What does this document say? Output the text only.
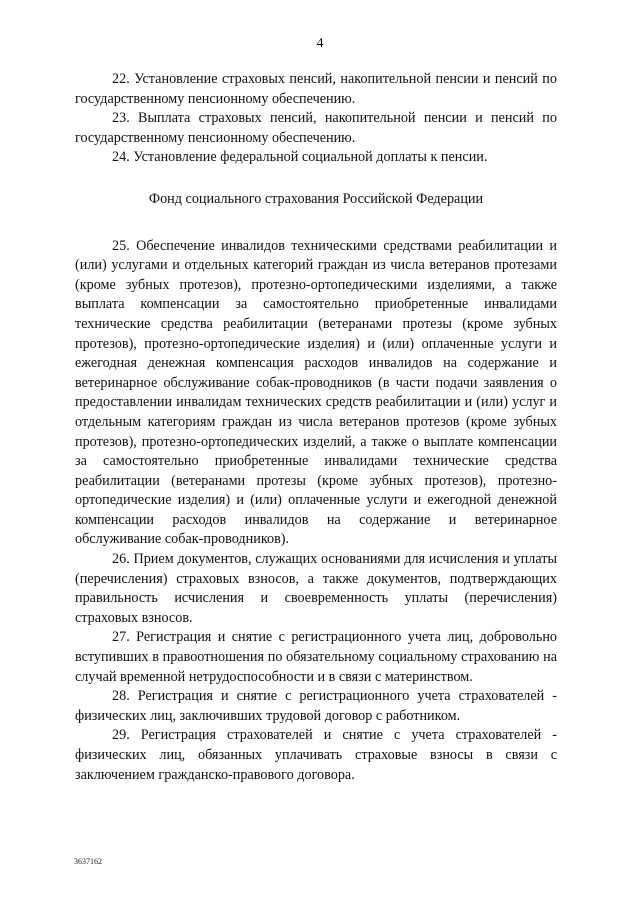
4

22. Установление страховых пенсий, накопительной пенсии и пенсий по государственному пенсионному обеспечению.

23. Выплата страховых пенсий, накопительной пенсии и пенсий по государственному пенсионному обеспечению.

24. Установление федеральной социальной доплаты к пенсии.

Фонд социального страхования Российской Федерации

25. Обеспечение инвалидов техническими средствами реабилитации и (или) услугами и отдельных категорий граждан из числа ветеранов протезами (кроме зубных протезов), протезно-ортопедическими изделиями, а также выплата компенсации за самостоятельно приобретенные инвалидами технические средства реабилитации (ветеранами протезы (кроме зубных протезов), протезно-ортопедические изделия) и (или) оплаченные услуги и ежегодная денежная компенсация расходов инвалидов на содержание и ветеринарное обслуживание собак-проводников (в части подачи заявления о предоставлении инвалидам технических средств реабилитации и (или) услуг и отдельным категориям граждан из числа ветеранов протезов (кроме зубных протезов), протезно-ортопедических изделий, а также о выплате компенсации за самостоятельно приобретенные инвалидами технические средства реабилитации (ветеранами протезы (кроме зубных протезов), протезно-ортопедические изделия) и (или) оплаченные услуги и ежегодной денежной компенсации расходов инвалидов на содержание и ветеринарное обслуживание собак-проводников).

26. Прием документов, служащих основаниями для исчисления и уплаты (перечисления) страховых взносов, а также документов, подтверждающих правильность исчисления и своевременность уплаты (перечисления) страховых взносов.

27. Регистрация и снятие с регистрационного учета лиц, добровольно вступивших в правоотношения по обязательному социальному страхованию на случай временной нетрудоспособности и в связи с материнством.

28. Регистрация и снятие с регистрационного учета страхователей - физических лиц, заключивших трудовой договор с работником.

29. Регистрация страхователей и снятие с учета страхователей - физических лиц, обязанных уплачивать страховые взносы в связи с заключением гражданско-правового договора.

3637162
